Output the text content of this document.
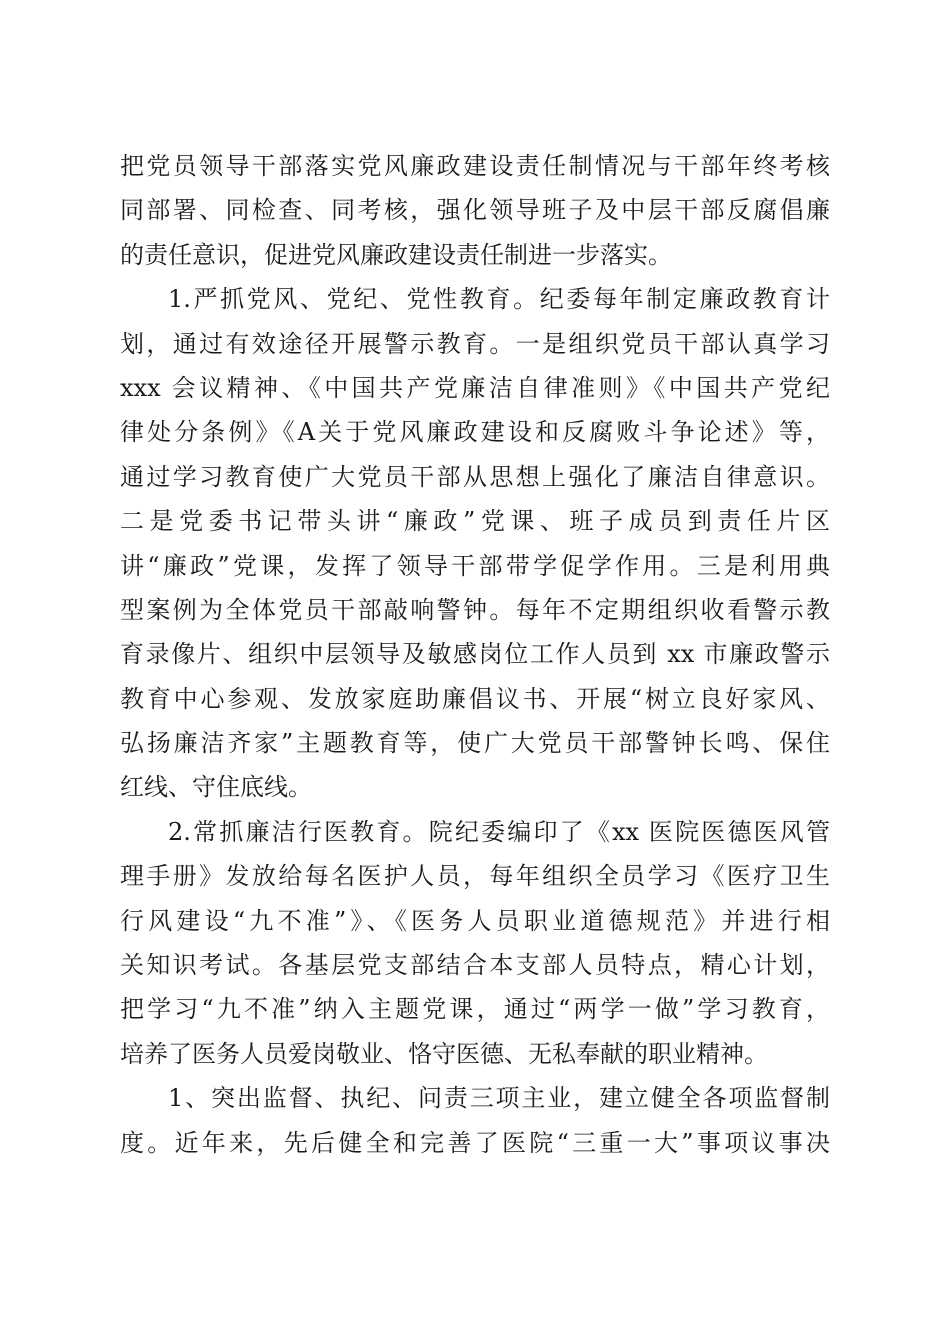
把党员领导干部落实党风廉政建设责任制情况与干部年终考核
同部署、同检查、同考核，强化领导班子及中层干部反腐倡廉
的责任意识，促进党风廉政建设责任制进一步落实。
1.严抓党风、党纪、党性教育。纪委每年制定廉政教育计
划，通过有效途径开展警示教育。一是组织党员干部认真学习
xxx 会议精神、《中国共产党廉洁自律准则》《中国共产党纪
律处分条例》《A关于党风廉政建设和反腐败斗争论述》等，
通过学习教育使广大党员干部从思想上强化了廉洁自律意识。
二是党委书记带头讲“廉政”党课、班子成员到责任片区
讲“廉政”党课，发挥了领导干部带学促学作用。三是利用典
型案例为全体党员干部敲响警钟。每年不定期组织收看警示教
育录像片、组织中层领导及敏感岗位工作人员到 xx 市廉政警示
教育中心参观、发放家庭助廉倡议书、开展“树立良好家风、
弘扬廉洁齐家”主题教育等，使广大党员干部警钟长鸣、保住
红线、守住底线。
2.常抓廉洁行医教育。院纪委编印了《xx 医院医德医风管
理手册》发放给每名医护人员，每年组织全员学习《医疗卫生
行风建设“九不准”》、《医务人员职业道德规范》并进行相
关知识考试。各基层党支部结合本支部人员特点，精心计划，
把学习“九不准”纳入主题党课，通过“两学一做”学习教育，
培养了医务人员爱岗敬业、恪守医德、无私奉献的职业精神。
1、突出监督、执纪、问责三项主业，建立健全各项监督制
度。近年来，先后健全和完善了医院“三重一大”事项议事决
